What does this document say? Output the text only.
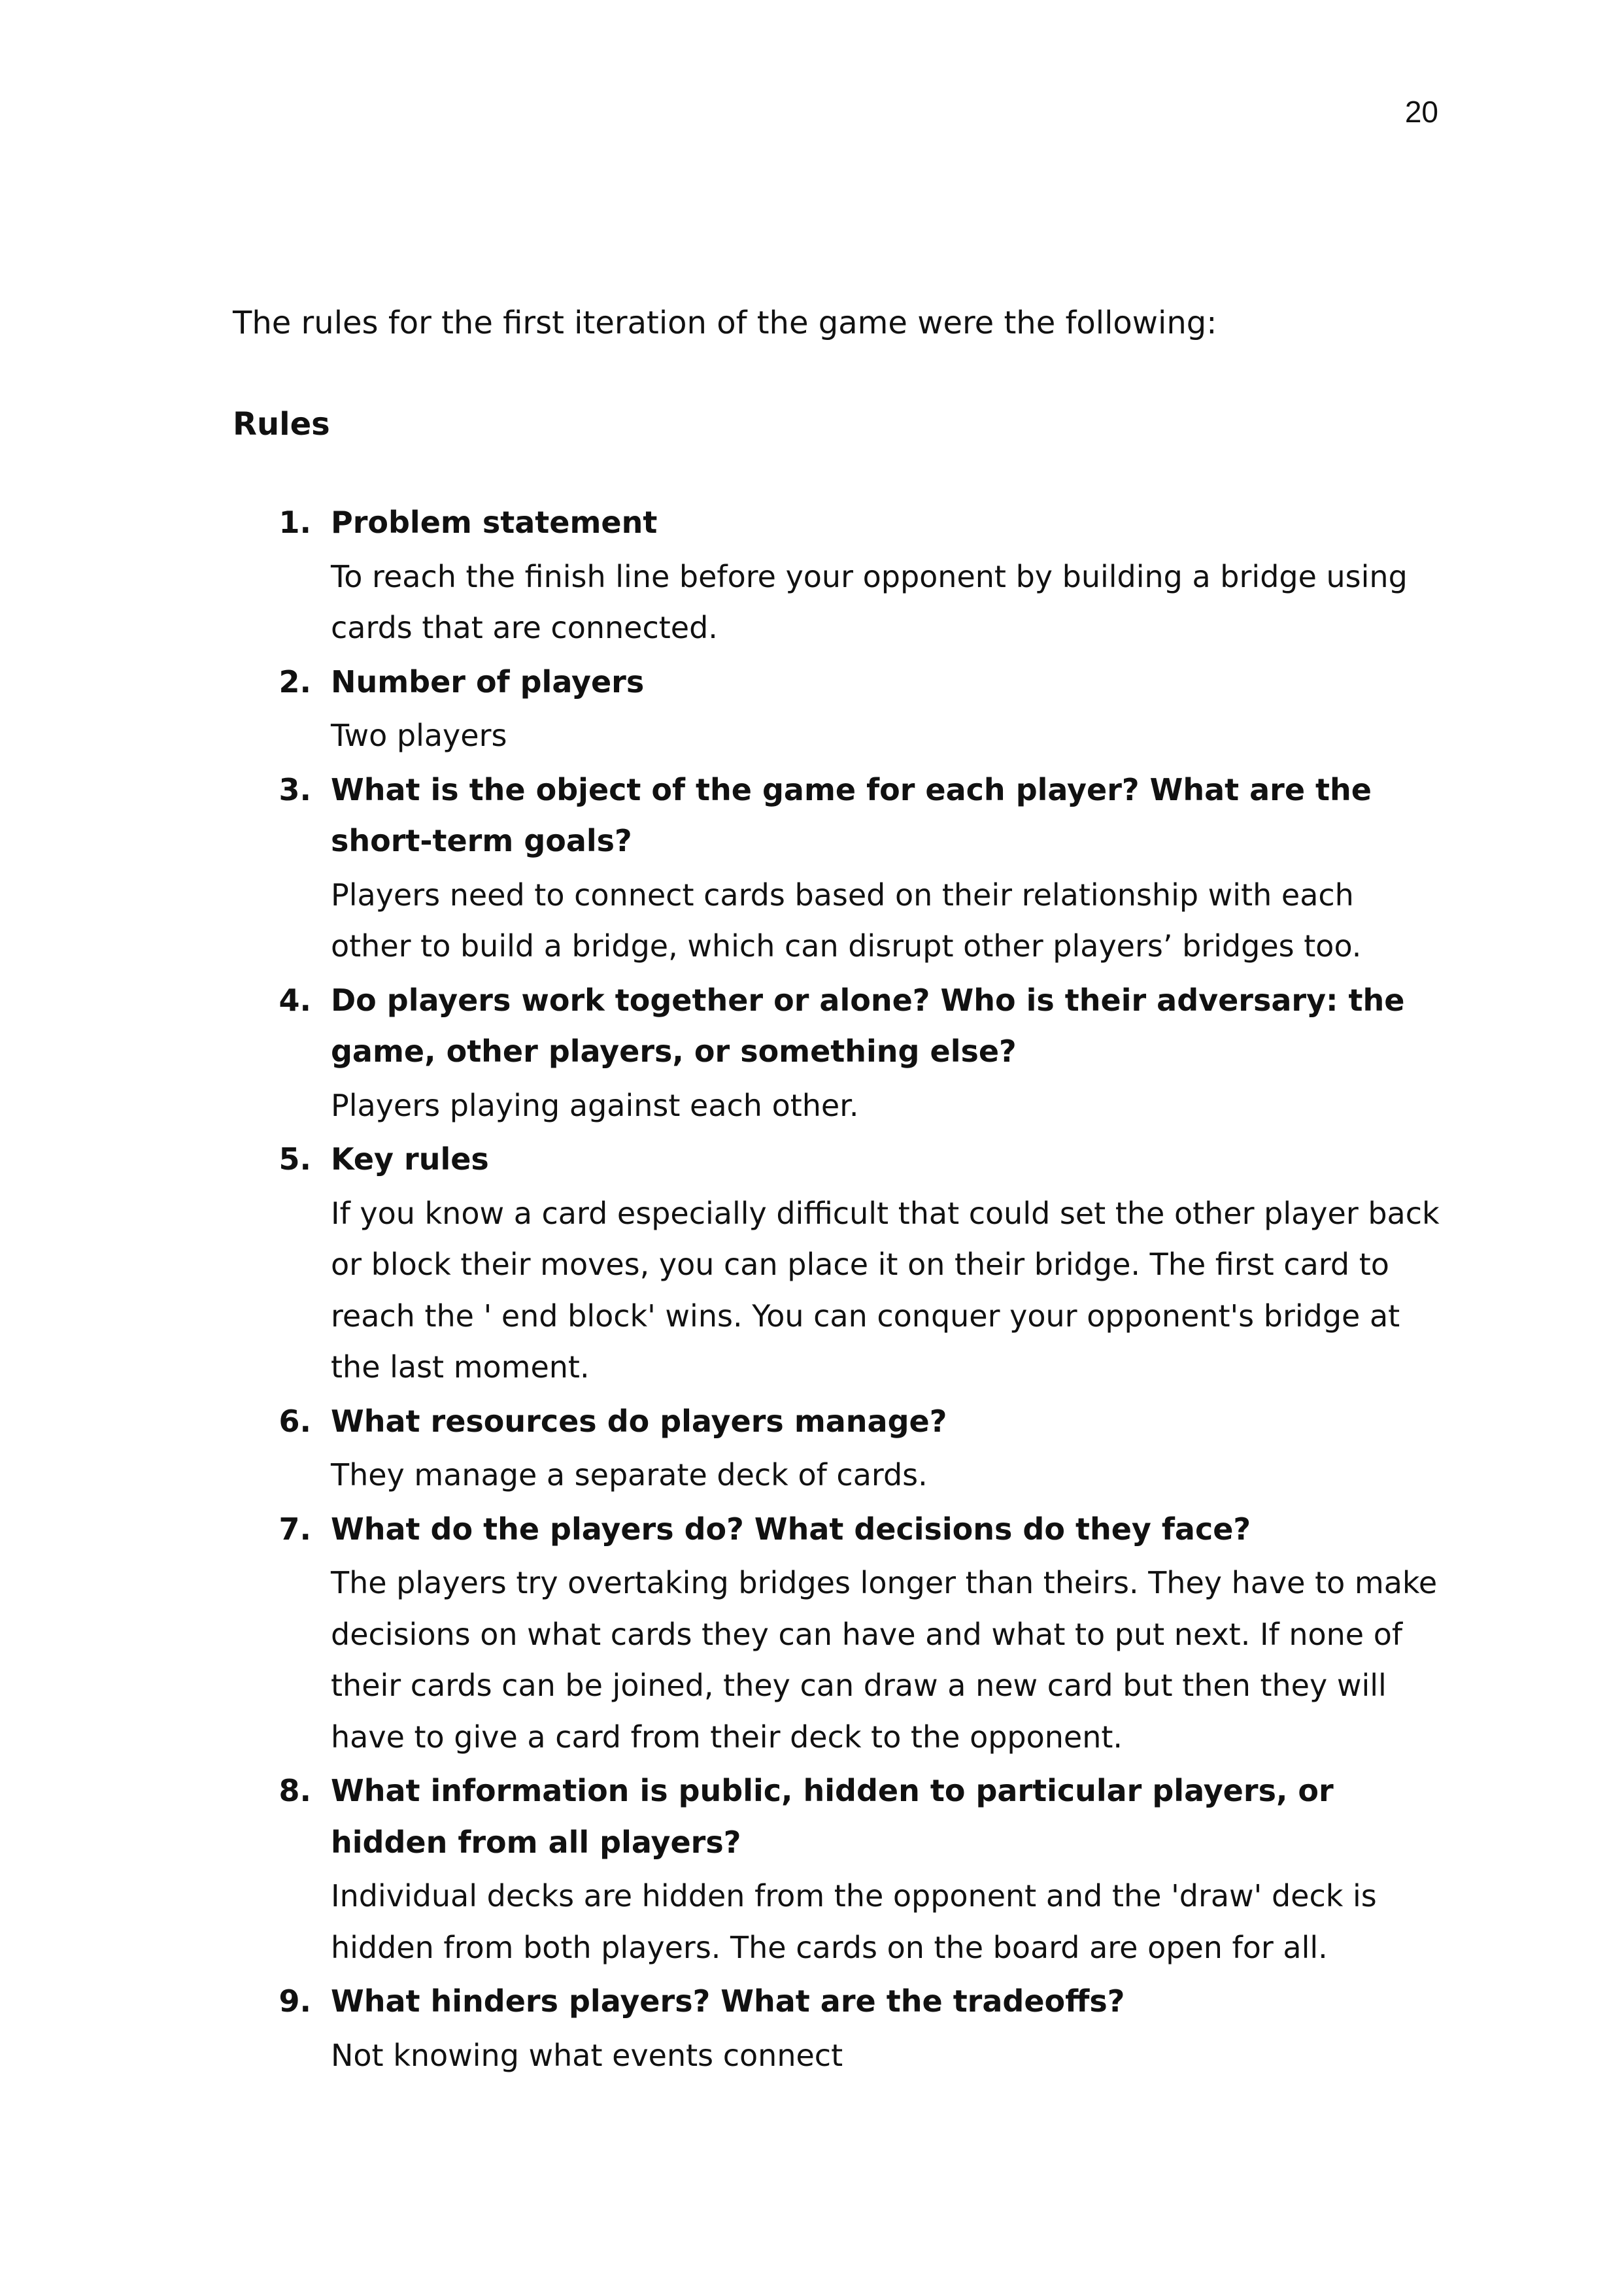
20

The rules for the first iteration of the game were the following:

Rules
1. Problem statement

To reach the finish line before your opponent by building a bridge using cards that are connected.

2. Number of players

Two players

3. What is the object of the game for each player? What are the short-term goals?

Players need to connect cards based on their relationship with each other to build a bridge, which can disrupt other players’ bridges too.

4. Do players work together or alone? Who is their adversary: the game, other players, or something else?

Players playing against each other.

5. Key rules

If you know a card especially difficult that could set the other player back or block their moves, you can place it on their bridge. The first card to reach the ' end block' wins. You can conquer your opponent's bridge at the last moment.

6. What resources do players manage?

They manage a separate deck of cards.

7. What do the players do? What decisions do they face?

The players try overtaking bridges longer than theirs. They have to make decisions on what cards they can have and what to put next. If none of their cards can be joined, they can draw a new card but then they will have to give a card from their deck to the opponent.

8. What information is public, hidden to particular players, or hidden from all players?

Individual decks are hidden from the opponent and the 'draw' deck is hidden from both players. The cards on the board are open for all.

9. What hinders players? What are the tradeoffs?

Not knowing what events connect
